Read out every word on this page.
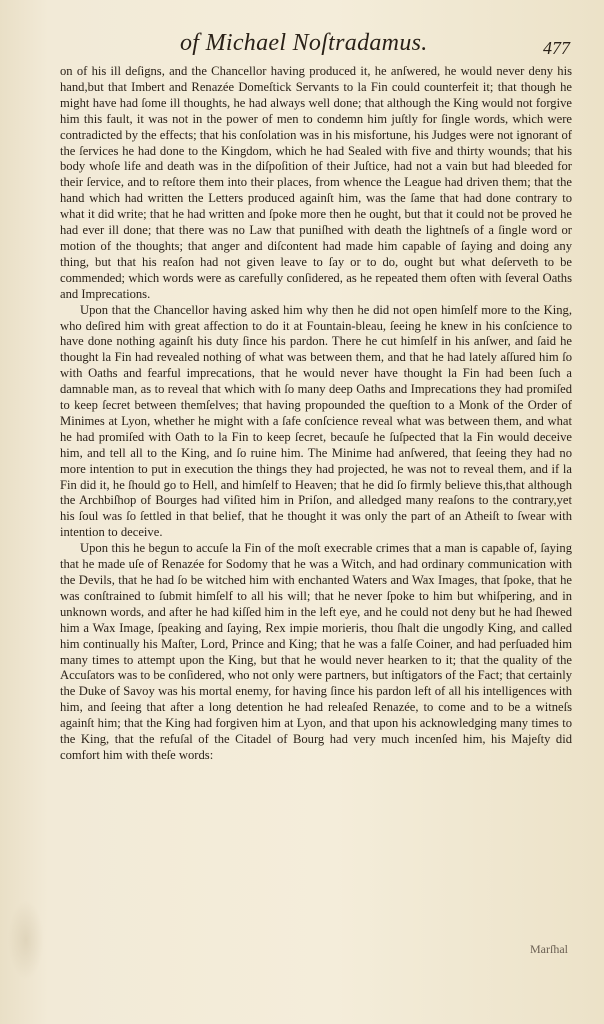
of Michael Noſtradamus.	477

on of his ill deſigns, and the Chancellor having produced it, he anſwered, he would never deny his hand,but that Imbert and Renazée Domeſtick Servants to la Fin could counterfeit it; that though he might have had ſome ill thoughts, he had always well done; that although the King would not forgive him this fault, it was not in the power of men to condemn him juſtly for ſingle words, which were contradicted by the effects; that his conſolation was in his misfortune, his Judges were not ignorant of the ſervices he had done to the Kingdom, which he had Sealed with five and thirty wounds; that his body whoſe life and death was in the diſpoſition of their Juſtice, had not a vain but had bleeded for their ſervice, and to reſtore them into their places, from whence the League had driven them; that the hand which had written the Letters produced againſt him, was the ſame that had done contrary to what it did write; that he had written and ſpoke more then he ought, but that it could not be proved he had ever ill done; that there was no Law that puniſhed with death the lightneſs of a ſingle word or motion of the thoughts; that anger and diſcontent had made him capable of ſaying and doing any thing, but that his reaſon had not given leave to ſay or to do, ought but what deſerveth to be commended; which words were as carefully conſidered, as he repeated them often with ſeveral Oaths and Imprecations.

Upon that the Chancellor having asked him why then he did not open himſelf more to the King, who deſired him with great affection to do it at Fountain-bleau, ſeeing he knew in his conſcience to have done nothing againſt his duty ſince his pardon. There he cut himſelf in his anſwer, and ſaid he thought la Fin had revealed nothing of what was between them, and that he had lately aſſured him ſo with Oaths and fearful imprecations, that he would never have thought la Fin had been ſuch a damnable man, as to reveal that which with ſo many deep Oaths and Imprecations they had promiſed to keep ſecret between themſelves; that having propounded the queſtion to a Monk of the Order of Minimes at Lyon, whether he might with a ſafe conſcience reveal what was between them, and what he had promiſed with Oath to la Fin to keep ſecret, becauſe he ſuſpected that la Fin would deceive him, and tell all to the King, and ſo ruine him. The Minime had anſwered, that ſeeing they had no more intention to put in execution the things they had projected, he was not to reveal them, and if la Fin did it, he ſhould go to Hell, and himſelf to Heaven; that he did ſo firmly believe this,that although the Archbiſhop of Bourges had viſited him in Priſon, and alledged many reaſons to the contrary,yet his ſoul was ſo ſettled in that belief, that he thought it was only the part of an Atheiſt to ſwear with intention to deceive.

Upon this he begun to accuſe la Fin of the moſt execrable crimes that a man is capable of, ſaying that he made uſe of Renazée for Sodomy that he was a Witch, and had ordinary communication with the Devils, that he had ſo be witched him with enchanted Waters and Wax Images, that ſpoke, that he was conſtrained to ſubmit himſelf to all his will; that he never ſpoke to him but whiſpering, and in unknown words, and after he had kiſſed him in the left eye, and he could not deny but he had ſhewed him a Wax Image, ſpeaking and ſaying, Rex impie morieris, thou ſhalt die ungodly King, and called him continually his Maſter, Lord, Prince and King; that he was a falſe Coiner, and had perſuaded him many times to attempt upon the King, but that he would never hearken to it; that the quality of the Accuſators was to be conſidered, who not only were partners, but inſtigators of the Fact; that certainly the Duke of Savoy was his mortal enemy, for having ſince his pardon left of all his intelligences with him, and ſeeing that after a long detention he had releaſed Renazée, to come and to be a witneſs againſt him; that the King had forgiven him at Lyon, and that upon his acknowledging many times to the King, that the refuſal of the Citadel of Bourg had very much incenſed him, his Majeſty did comfort him with theſe words:

Marſhal
